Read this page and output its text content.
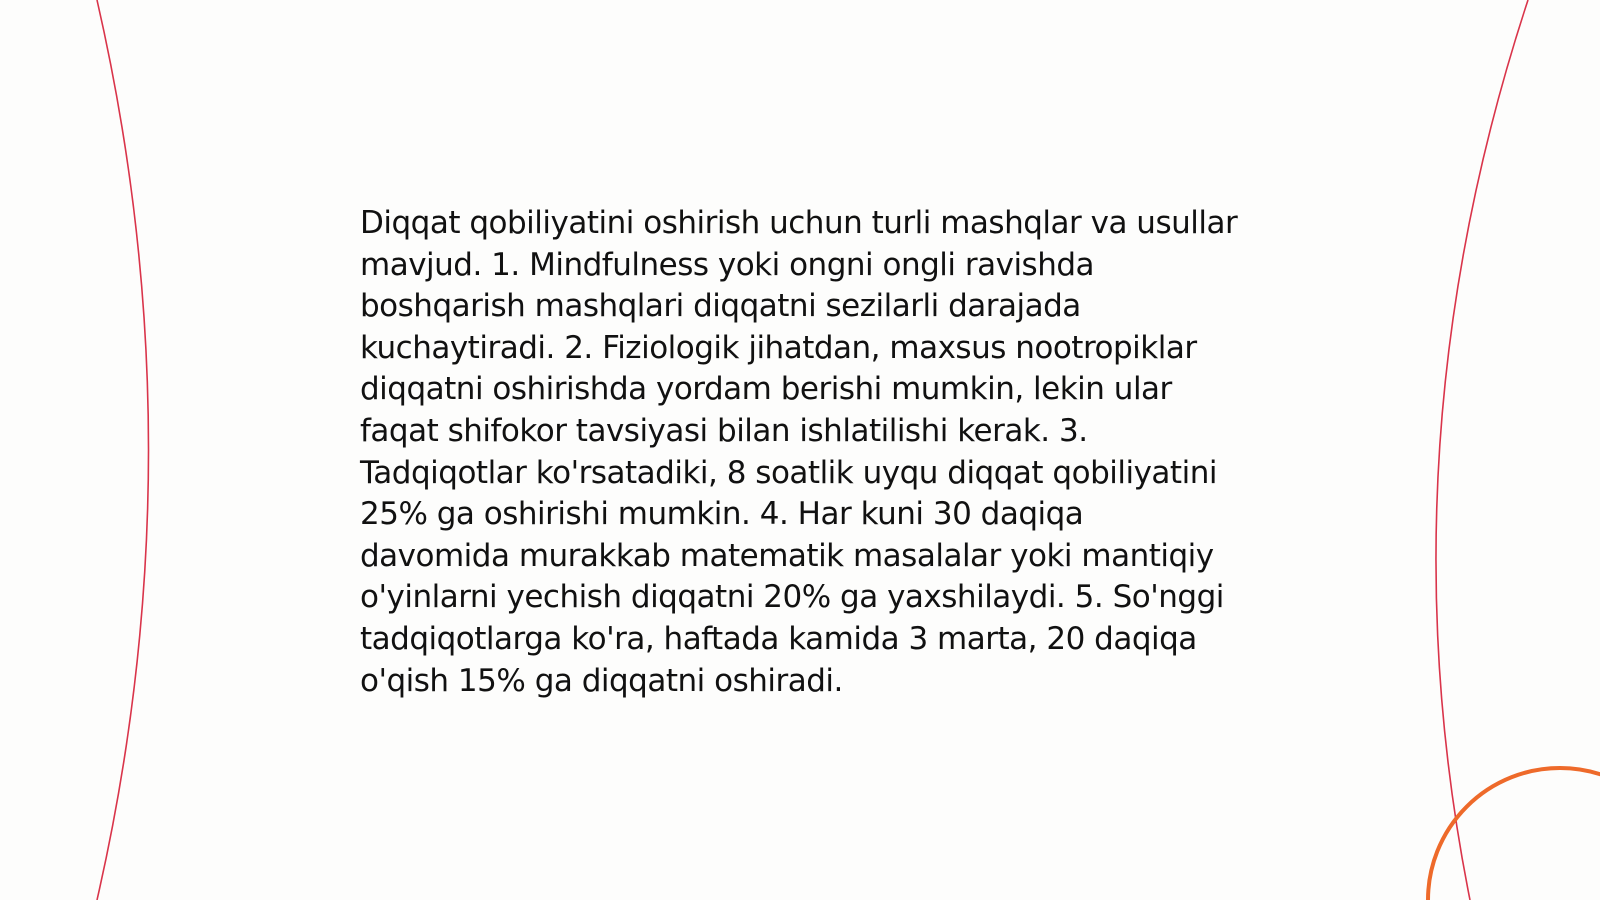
Diqqat qobiliyatini oshirish uchun turli mashqlar va usullar mavjud. 1. Mindfulness yoki ongni ongli ravishda boshqarish mashqlari diqqatni sezilarli darajada kuchaytiradi. 2. Fiziologik jihatdan, maxsus nootropiklar diqqatni oshirishda yordam berishi mumkin, lekin ular faqat shifokor tavsiyasi bilan ishlatilishi kerak. 3. Tadqiqotlar ko'rsatadiki, 8 soatlik uyqu diqqat qobiliyatini 25% ga oshirishi mumkin. 4. Har kuni 30 daqiqa davomida murakkab matematik masalalar yoki mantiqiy o'yinlarni yechish diqqatni 20% ga yaxshilaydi. 5. So'nggi tadqiqotlarga ko'ra, haftada kamida 3 marta, 20 daqiqa o'qish 15% ga diqqatni oshiradi.
